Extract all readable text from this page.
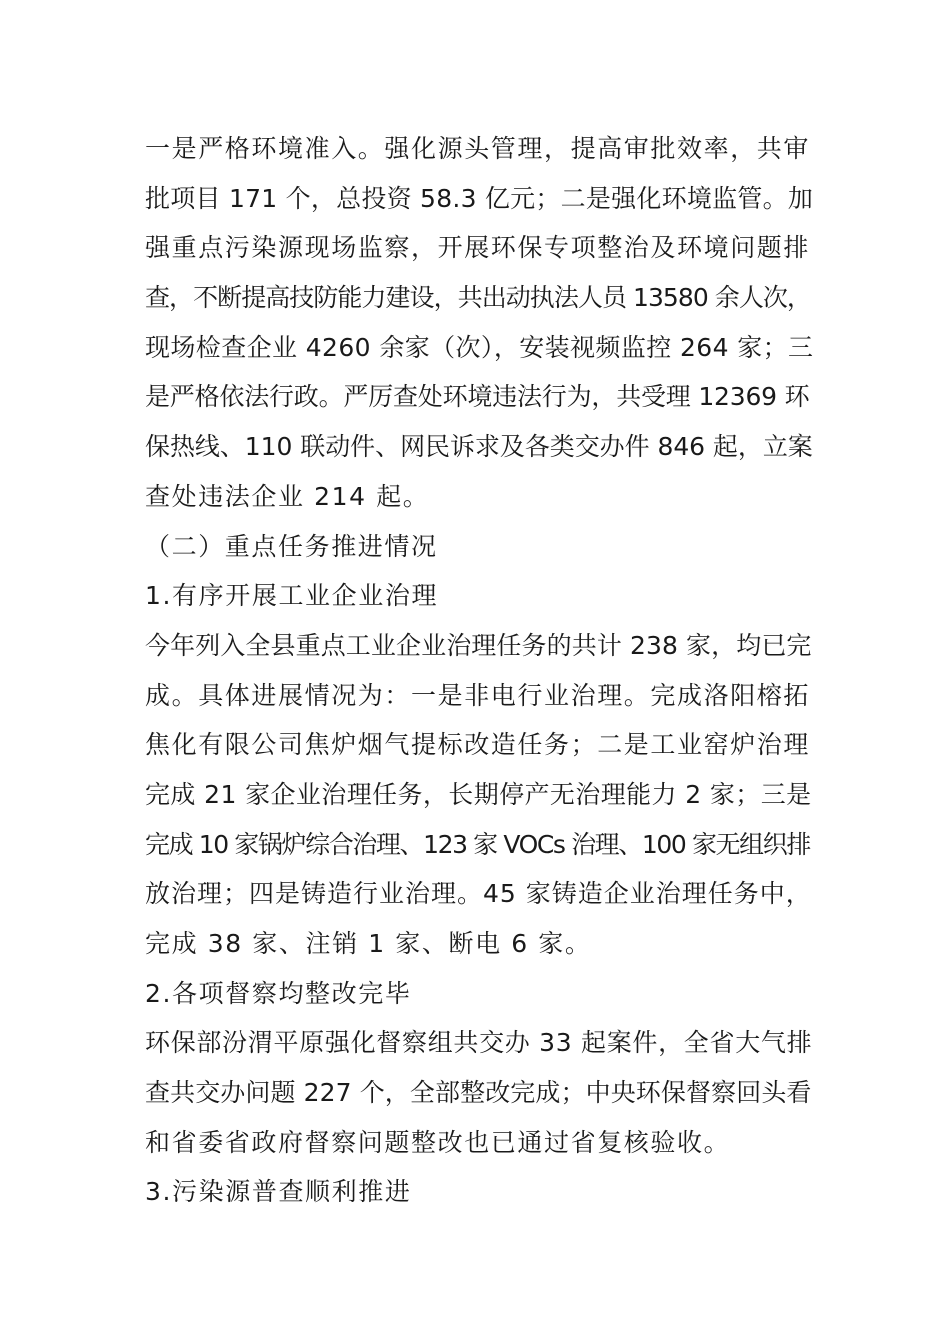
一是严格环境准入。强化源头管理，提高审批效率，共审
批项目 171 个，总投资 58.3 亿元；二是强化环境监管。加
强重点污染源现场监察，开展环保专项整治及环境问题排
查，不断提高技防能力建设，共出动执法人员 13580 余人次，
现场检查企业 4260 余家（次），安装视频监控 264 家；三
是严格依法行政。严厉查处环境违法行为，共受理 12369 环
保热线、110 联动件、网民诉求及各类交办件 846 起，立案
查处违法企业 214 起。
（二）重点任务推进情况
1.有序开展工业企业治理
今年列入全县重点工业企业治理任务的共计 238 家，均已完
成。具体进展情况为：一是非电行业治理。完成洛阳榕拓
焦化有限公司焦炉烟气提标改造任务；二是工业窑炉治理
完成 21 家企业治理任务，长期停产无治理能力 2 家；三是
完成 10 家锅炉综合治理、123 家 VOCs 治理、100 家无组织排
放治理；四是铸造行业治理。45 家铸造企业治理任务中，
完成 38 家、注销 1 家、断电 6 家。
2.各项督察均整改完毕
环保部汾渭平原强化督察组共交办 33 起案件，全省大气排
查共交办问题 227 个，全部整改完成；中央环保督察回头看
和省委省政府督察问题整改也已通过省复核验收。
3.污染源普查顺利推进
